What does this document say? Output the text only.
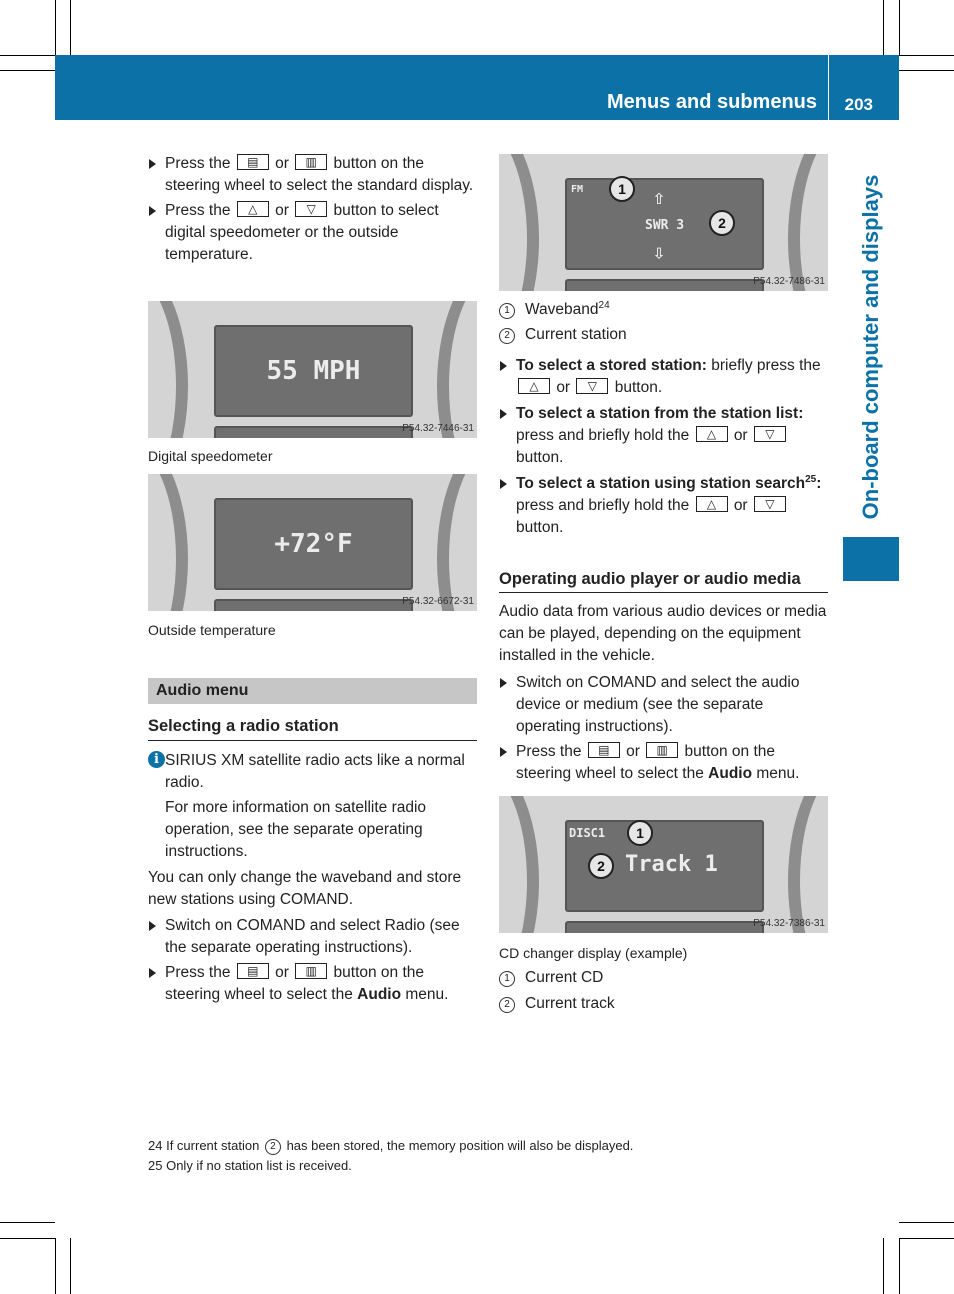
Menus and submenus 203
On-board computer and displays
Press the ▤	or ▥	button on the steering wheel to select the standard display.
Press the △	or ▽	button to select digital speedometer or the outside temperature.
55 MPH
P54.32-7446-31
Digital speedometer
+72°F
P54.32-6672-31
Outside temperature
Audio menu
Selecting a radio station
i SIRIUS XM satellite radio acts like a normal radio.
For more information on satellite radio operation, see the separate operating instructions.
You can only change the waveband and store new stations using COMAND.
Switch on COMAND and select Radio (see the separate operating instructions).
Press the ▤	or ▥	button on the steering wheel to select the Audio menu.
FM	⇧
SWR 3
⇩
1
2
P54.32-7486-31
1 Waveband$^{24}$
2 Current station
To select a stored station: briefly press the △ or ▽	button.
To select a station from the station list: press and briefly hold the △	or ▽ button.
To select a station using station search$^{25}$: press and briefly hold the △	or ▽ button.
Operating audio player or audio media
Audio data from various audio devices or media can be played, depending on the equipment installed in the vehicle.
Switch on COMAND and select the audio device or medium (see the separate operating instructions).
Press the ▤	or ▥	button on the steering wheel to select the Audio menu.
DISC1
Track 1
1
2
P54.32-7386-31
CD changer display (example)
1 Current CD
2 Current track
24 If current station 2 has been stored, the memory position will also be displayed.
25 Only if no station list is received.
